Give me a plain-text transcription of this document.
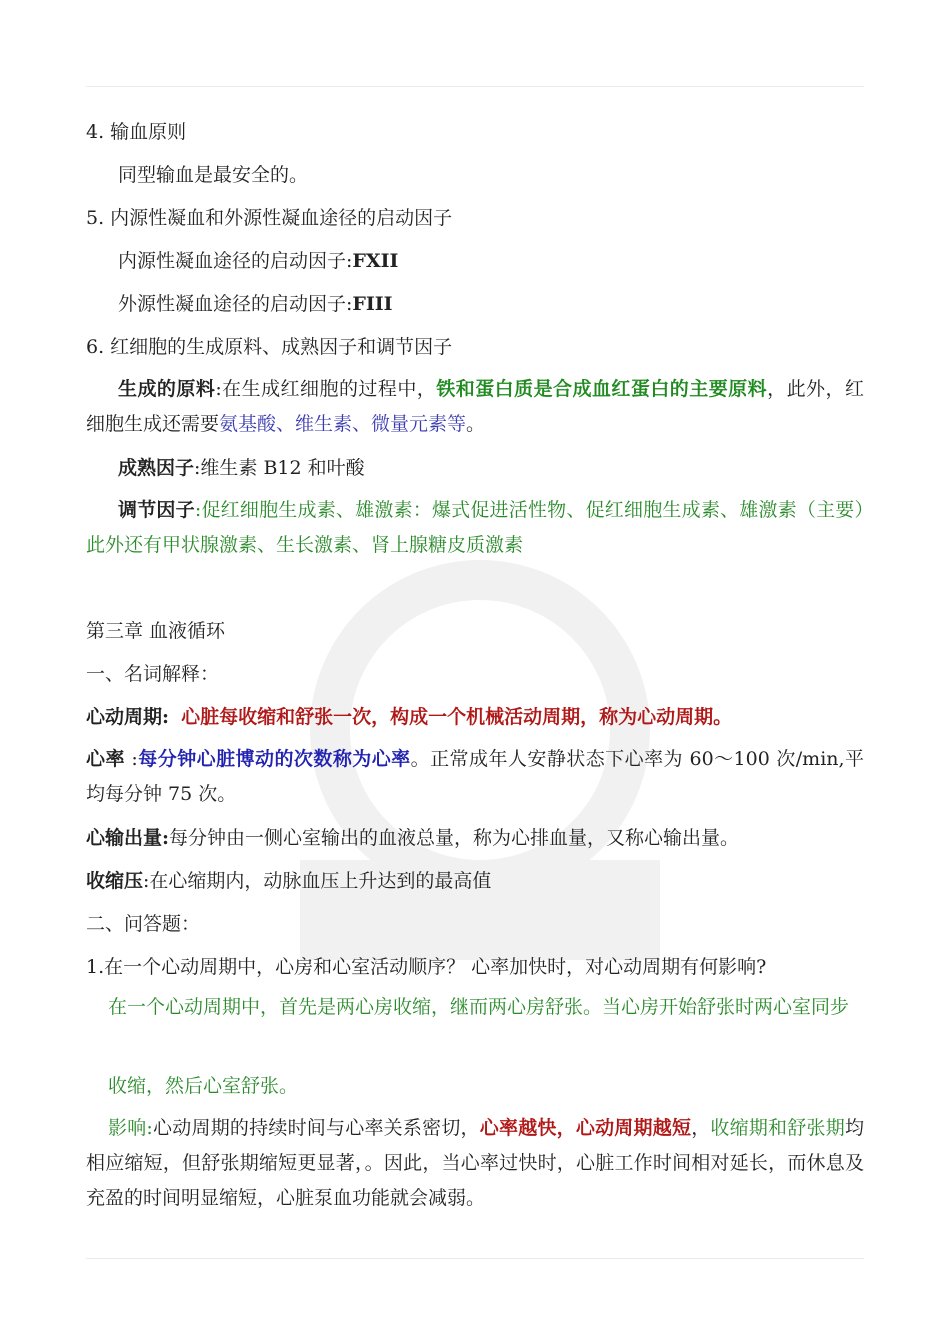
4. 输血原则
同型输血是最安全的。
5. 内源性凝血和外源性凝血途径的启动因子
内源性凝血途径的启动因子:FXII
外源性凝血途径的启动因子:FIII
6. 红细胞的生成原料、成熟因子和调节因子
生成的原料:在生成红细胞的过程中，铁和蛋白质是合成血红蛋白的主要原料，此外，红细胞生成还需要氨基酸、维生素、微量元素等。
成熟因子:维生素 B12 和叶酸
调节因子:促红细胞生成素、雄激素：爆式促进活性物、促红细胞生成素、雄激素（主要）此外还有甲状腺激素、生长激素、肾上腺糖皮质激素
第三章 血液循环
一、名词解释：
心动周期: 心脏每收缩和舒张一次，构成一个机械活动周期，称为心动周期。
心率 :每分钟心脏博动的次数称为心率。正常成年人安静状态下心率为 60～100 次/min,平均每分钟 75 次。
心输出量:每分钟由一侧心室输出的血液总量，称为心排血量，又称心输出量。
收缩压:在心缩期内，动脉血压上升达到的最高值
二、问答题：
1.在一个心动周期中，心房和心室活动顺序？ 心率加快时，对心动周期有何影响?
在一个心动周期中，首先是两心房收缩，继而两心房舒张。当心房开始舒张时两心室同步
收缩，然后心室舒张。
影响:心动周期的持续时间与心率关系密切，心率越快，心动周期越短，收缩期和舒张期均相应缩短，但舒张期缩短更显著，。因此，当心率过快时，心脏工作时间相对延长，而休息及充盈的时间明显缩短，心脏泵血功能就会减弱。
